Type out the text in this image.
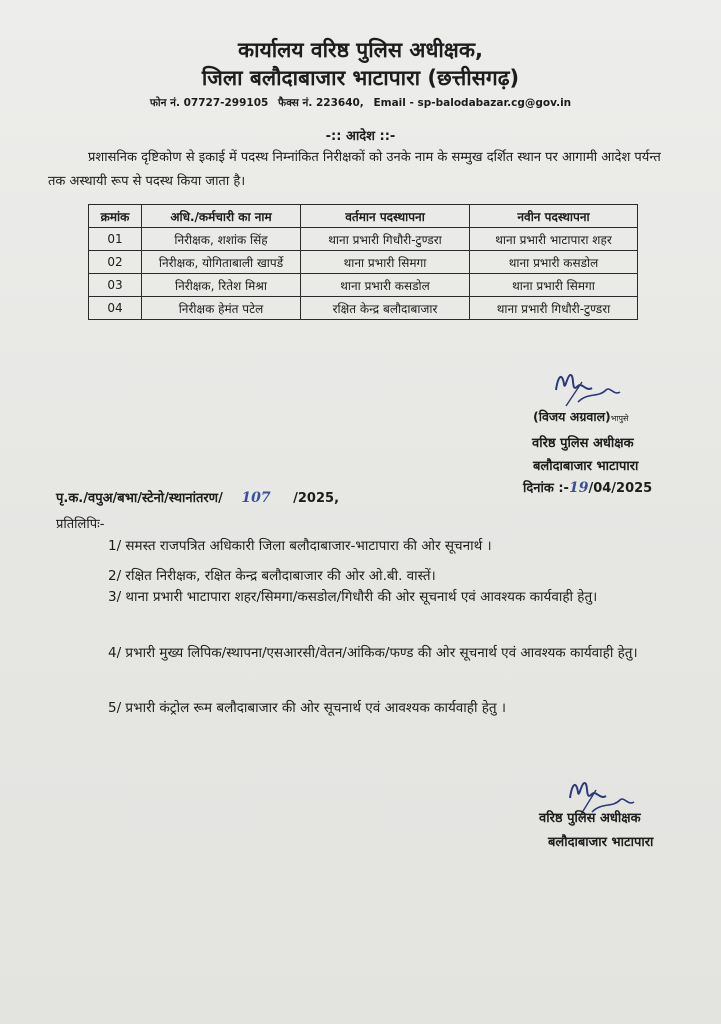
कार्यालय वरिष्ठ पुलिस अधीक्षक,
जिला बलौदाबाजार भाटापारा (छत्तीसगढ़)
फोन नं. 07727-299105 फैक्स नं. 223640, Email - sp-balodabazar.cg@gov.in
-:: आदेश ::-
प्रशासनिक दृष्टिकोण से इकाई में पदस्थ निम्नांकित निरीक्षकों को उनके नाम के सम्मुख दर्शित स्थान पर आगामी आदेश पर्यन्त तक अस्थायी रूप से पदस्थ किया जाता है।
क्रमांक	अधि./कर्मचारी का नाम	वर्तमान पदस्थापना	नवीन पदस्थापना
01	निरीक्षक, शशांक सिंह	थाना प्रभारी गिधौरी-टुण्डरा	थाना प्रभारी भाटापारा शहर
02	निरीक्षक, योगिताबाली खापर्डे	थाना प्रभारी सिमगा	थाना प्रभारी कसडोल
03	निरीक्षक, रितेश मिश्रा	थाना प्रभारी कसडोल	थाना प्रभारी सिमगा
04	निरीक्षक हेमंत पटेल	रक्षित केन्द्र बलौदाबाजार	थाना प्रभारी गिधौरी-टुण्डरा
(विजय अग्रवाल)भापुसे
वरिष्ठ पुलिस अधीक्षक
बलौदाबाजार भाटापारा
दिनांक :-19/04/2025
पृ.क./वपुअ/बभा/स्टेनो/स्थानांतरण/ 107 /2025,
प्रतिलिपिः-
1/ समस्त राजपत्रित अधिकारी जिला बलौदाबाजार-भाटापारा की ओर सूचनार्थ ।
2/ रक्षित निरीक्षक, रक्षित केन्द्र बलौदाबाजार की ओर ओ.बी. वास्तें।
3/ थाना प्रभारी भाटापारा शहर/सिमगा/कसडोल/गिधौरी की ओर सूचनार्थ एवं आवश्यक कार्यवाही हेतु।
4/ प्रभारी मुख्य लिपिक/स्थापना/एसआरसी/वेतन/आंकिक/फण्ड की ओर सूचनार्थ एवं आवश्यक कार्यवाही हेतु।
5/ प्रभारी कंट्रोल रूम बलौदाबाजार की ओर सूचनार्थ एवं आवश्यक कार्यवाही हेतु ।
वरिष्ठ पुलिस अधीक्षक
बलौदाबाजार भाटापारा
